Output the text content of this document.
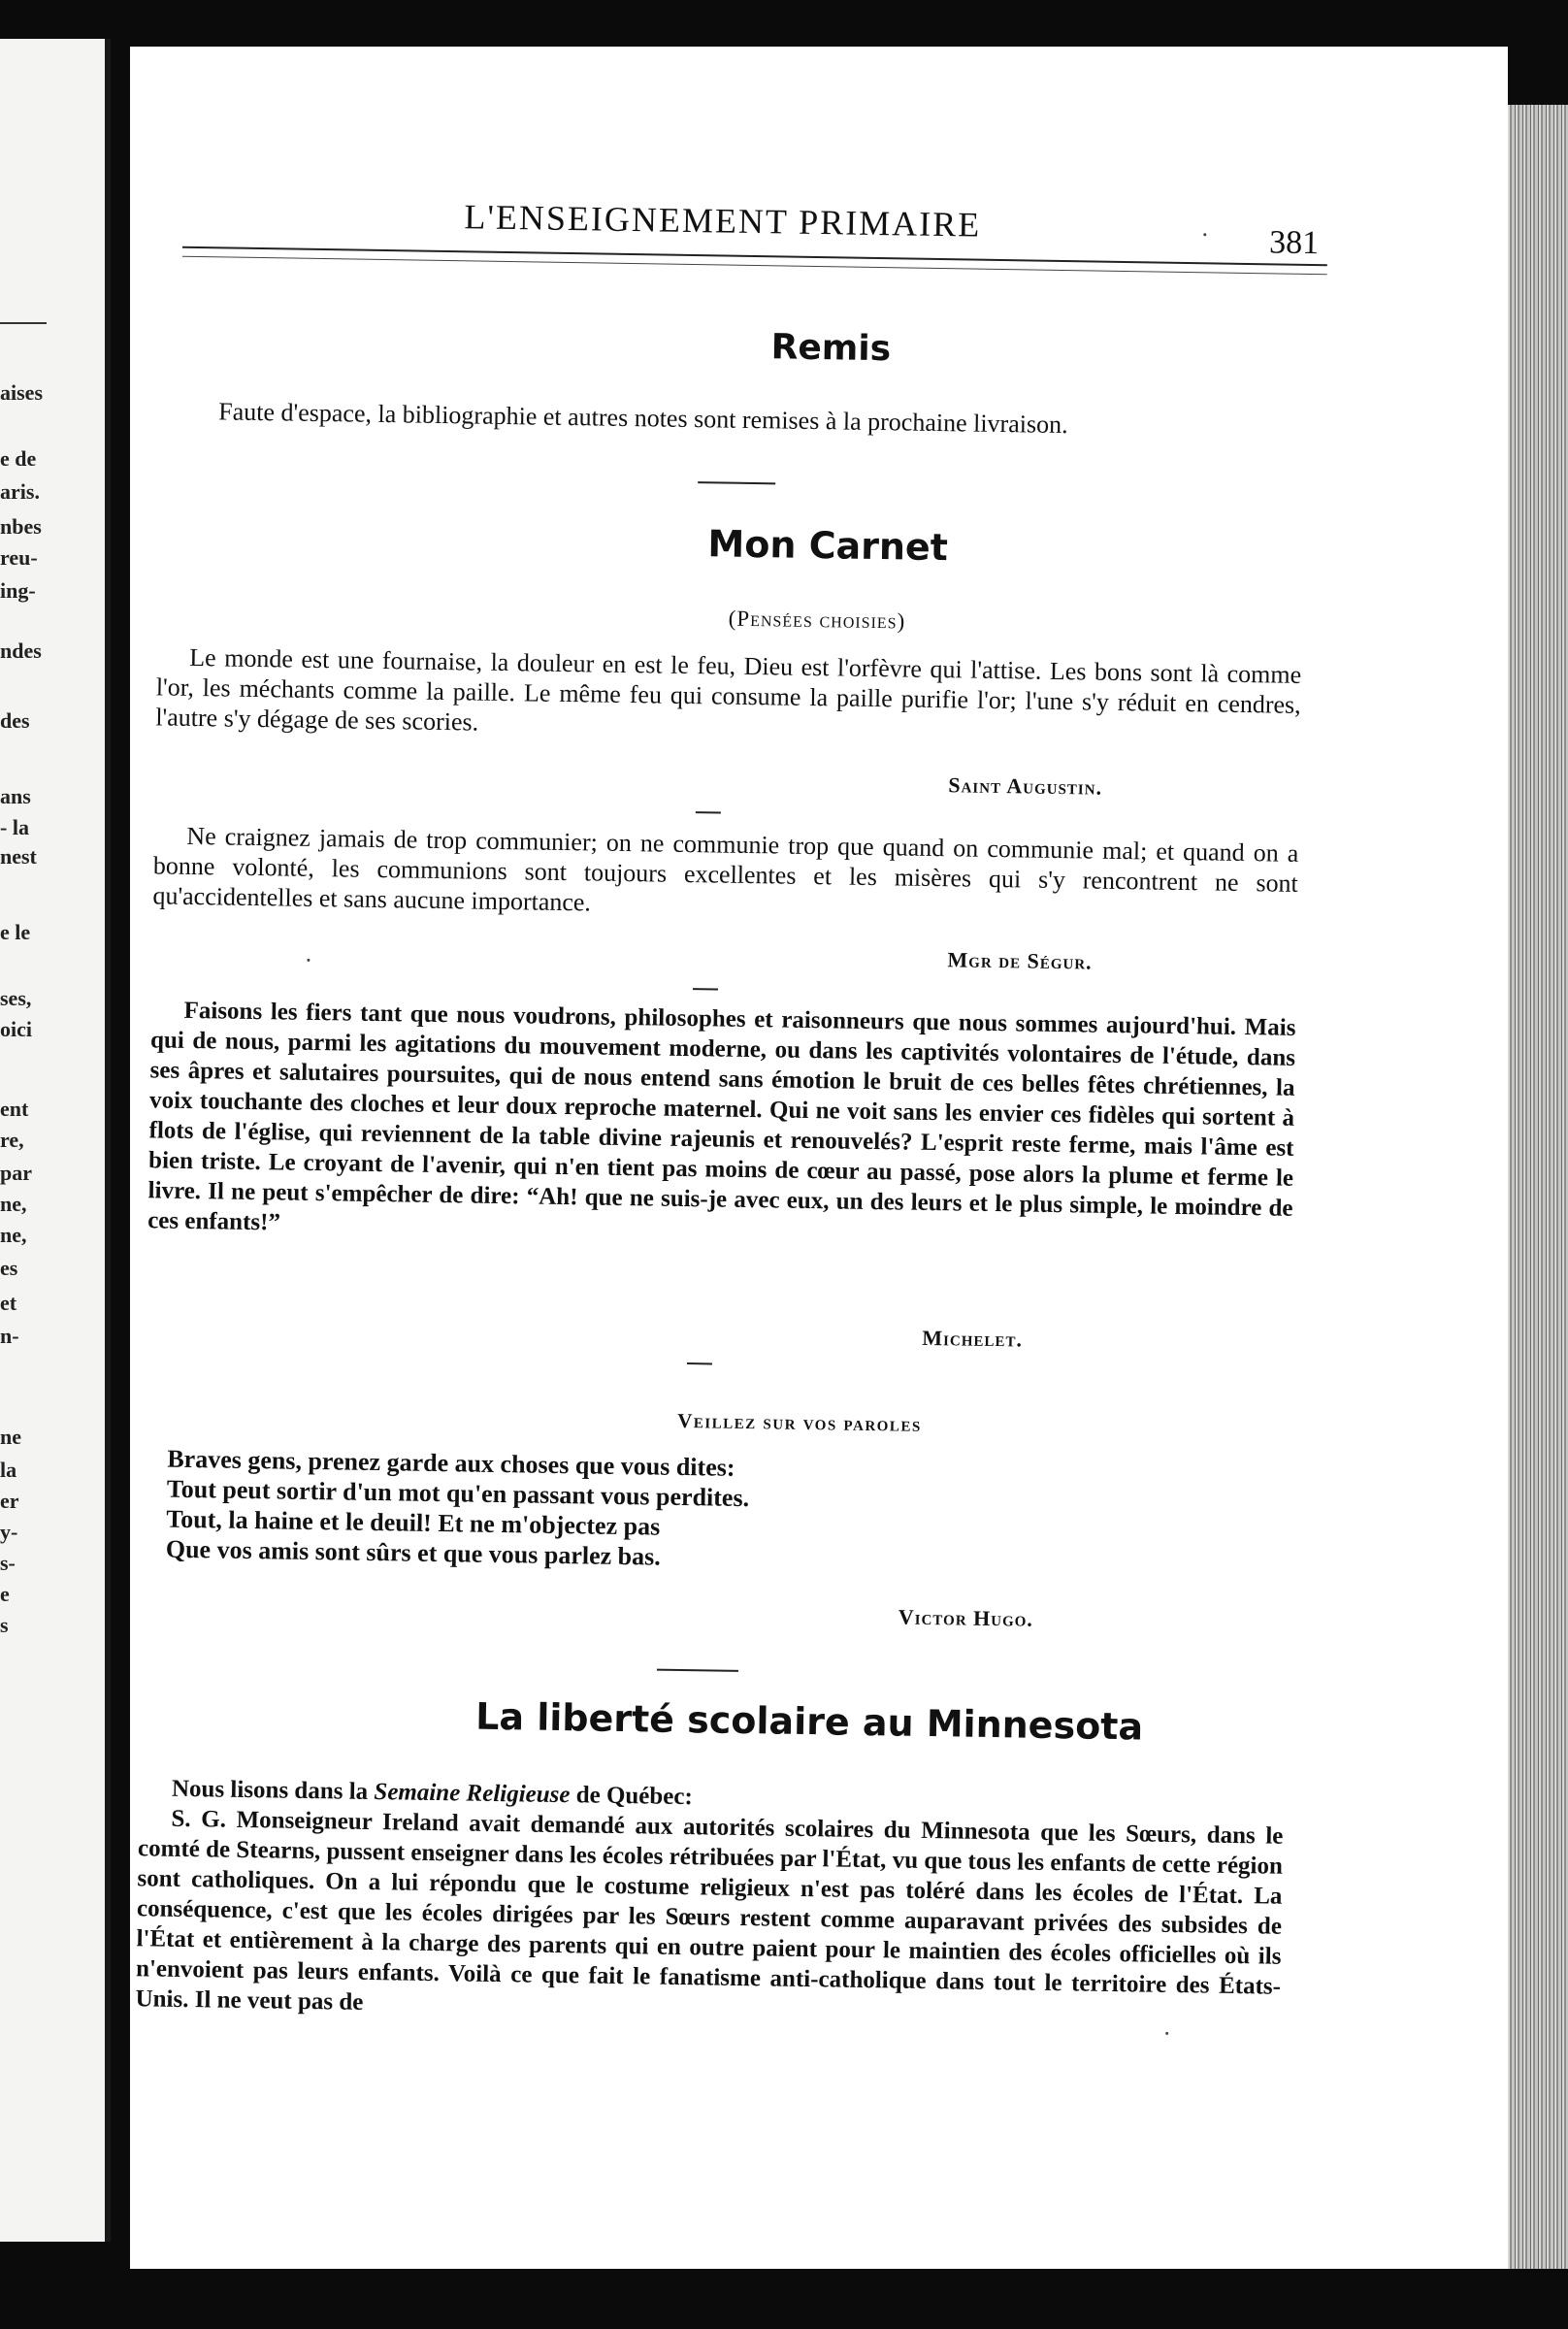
aises
e de
aris.
nbes
reu-
ing-
ndes
des
ans
- la
nest
e le
ses,
oici
ent
re,
par
ne,
ne,
es
et
n-
ne
la
er
y-
s-
e
s
L'ENSEIGNEMENT PRIMAIRE	381
Remis
Faute d'espace, la bibliographie et autres notes sont remises à la prochaine livraison.
Mon Carnet
(Pensées choisies)
Le monde est une fournaise, la douleur en est le feu, Dieu est l'orfèvre qui l'attise. Les bons sont là comme l'or, les méchants comme la paille. Le même feu qui consume la paille purifie l'or; l'une s'y réduit en cendres, l'autre s'y dégage de ses scories.
Saint Augustin.
Ne craignez jamais de trop communier; on ne communie trop que quand on communie mal; et quand on a bonne volonté, les communions sont toujours excellentes et les misères qui s'y rencontrent ne sont qu'accidentelles et sans aucune importance.
Mgr de Ségur.
Faisons les fiers tant que nous voudrons, philosophes et raisonneurs que nous sommes aujourd'hui. Mais qui de nous, parmi les agitations du mouvement moderne, ou dans les captivités volontaires de l'étude, dans ses âpres et salutaires poursuites, qui de nous entend sans émotion le bruit de ces belles fêtes chrétiennes, la voix touchante des cloches et leur doux reproche maternel. Qui ne voit sans les envier ces fidèles qui sortent à flots de l'église, qui reviennent de la table divine rajeunis et renouvelés? L'esprit reste ferme, mais l'âme est bien triste. Le croyant de l'avenir, qui n'en tient pas moins de cœur au passé, pose alors la plume et ferme le livre. Il ne peut s'empêcher de dire: “Ah! que ne suis-je avec eux, un des leurs et le plus simple, le moindre de ces enfants!”
Michelet.
Veillez sur vos paroles
Braves gens, prenez garde aux choses que vous dites:
Tout peut sortir d'un mot qu'en passant vous perdites.
Tout, la haine et le deuil! Et ne m'objectez pas
Que vos amis sont sûrs et que vous parlez bas.
Victor Hugo.
La liberté scolaire au Minnesota
Nous lisons dans la Semaine Religieuse de Québec:
S. G. Monseigneur Ireland avait demandé aux autorités scolaires du Minnesota que les Sœurs, dans le comté de Stearns, pussent enseigner dans les écoles rétribuées par l'État, vu que tous les enfants de cette région sont catholiques. On a lui répondu que le costume religieux n'est pas toléré dans les écoles de l'État. La conséquence, c'est que les écoles dirigées par les Sœurs restent comme auparavant privées des subsides de l'État et entièrement à la charge des parents qui en outre paient pour le maintien des écoles officielles où ils n'envoient pas leurs enfants. Voilà ce que fait le fanatisme anti-catholique dans tout le territoire des États-Unis. Il ne veut pas de
